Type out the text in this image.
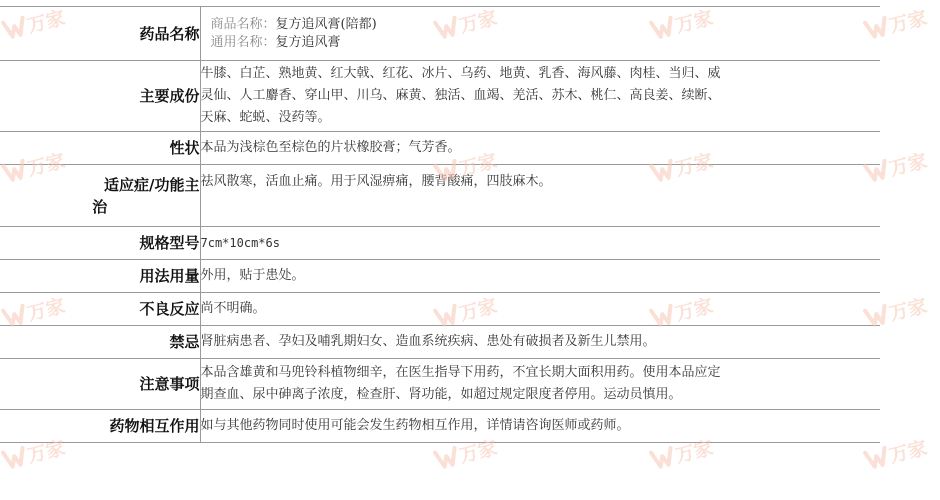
药品名称	商品名称：复方追风膏(陪都)
通用名称：复方追风膏

主要成份	牛膝、白芷、熟地黄、红大戟、红花、冰片、乌药、地黄、乳香、海风藤、肉桂、当归、威
灵仙、人工麝香、穿山甲、川乌、麻黄、独活、血竭、羌活、苏木、桃仁、高良姜、续断、
天麻、蛇蜕、没药等。

性状	本品为浅棕色至棕色的片状橡胶膏；气芳香。

适应症/功能主
治	祛风散寒，活血止痛。用于风湿痹痛，腰背酸痛，四肢麻木。
规格型号	7cm*10cm*6s
用法用量	外用，贴于患处。
不良反应	尚不明确。
禁忌	肾脏病患者、孕妇及哺乳期妇女、造血系统疾病、患处有破损者及新生儿禁用。
注意事项	本品含雄黄和马兜铃科植物细辛，在医生指导下用药，不宜长期大面积用药。使用本品应定
期查血、尿中砷离子浓度，检查肝、肾功能，如超过规定限度者停用。运动员慎用。

药物相互作用	如与其他药物同时使用可能会发生药物相互作用，详情请咨询医师或药师。
万家	万家	万家	万家
万家	万家	万家	万家
万家	万家	万家	万家
万家	万家	万家	万家
